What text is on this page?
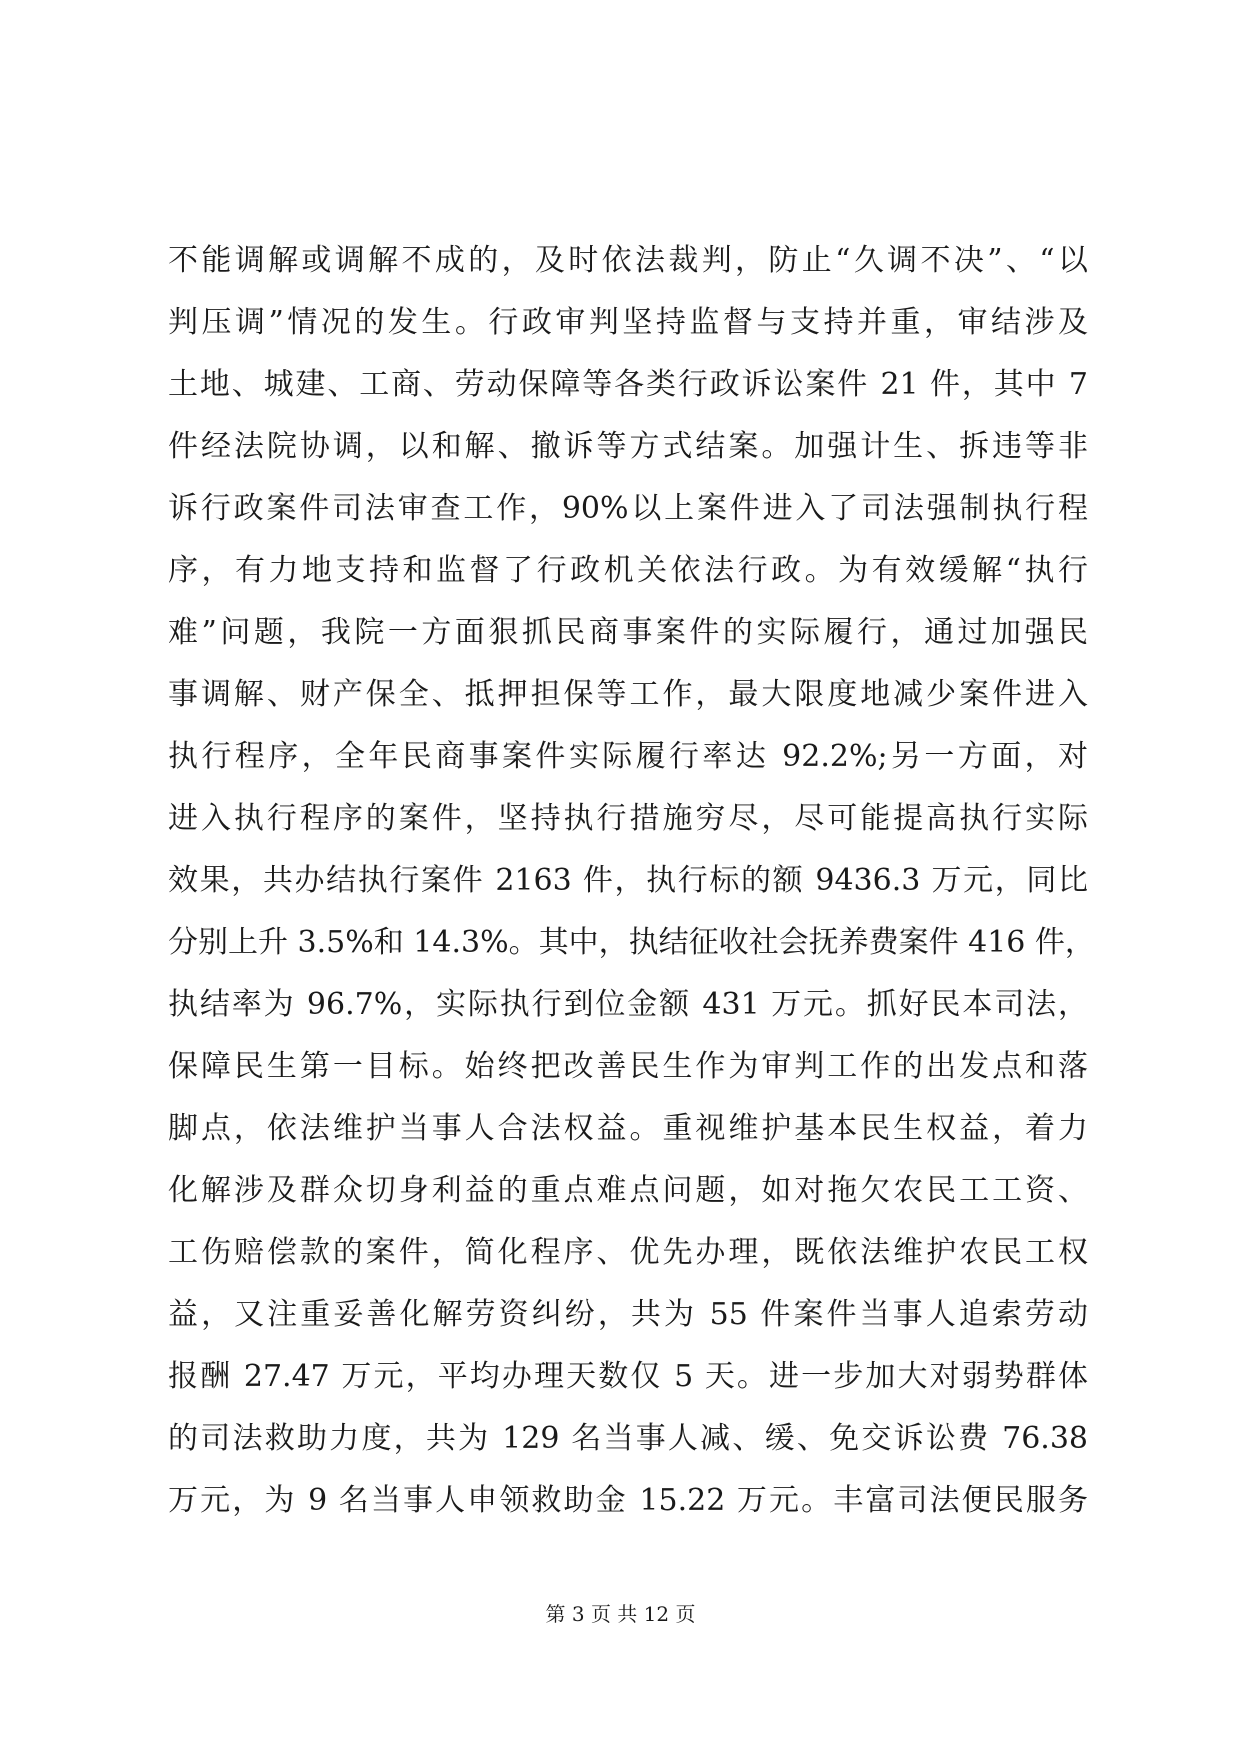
不能调解或调解不成的，及时依法裁判，防止“久调不决”、“以
判压调”情况的发生。行政审判坚持监督与支持并重，审结涉及
土地、城建、工商、劳动保障等各类行政诉讼案件 21 件，其中 7
件经法院协调，以和解、撤诉等方式结案。加强计生、拆违等非
诉行政案件司法审查工作，90%以上案件进入了司法强制执行程
序，有力地支持和监督了行政机关依法行政。为有效缓解“执行
难”问题，我院一方面狠抓民商事案件的实际履行，通过加强民
事调解、财产保全、抵押担保等工作，最大限度地减少案件进入
执行程序，全年民商事案件实际履行率达 92.2%;另一方面，对
进入执行程序的案件，坚持执行措施穷尽，尽可能提高执行实际
效果，共办结执行案件 2163 件，执行标的额 9436.3 万元，同比
分别上升 3.5%和 14.3%。其中，执结征收社会抚养费案件 416 件，
执结率为 96.7%，实际执行到位金额 431 万元。抓好民本司法，
保障民生第一目标。始终把改善民生作为审判工作的出发点和落
脚点，依法维护当事人合法权益。重视维护基本民生权益，着力
化解涉及群众切身利益的重点难点问题，如对拖欠农民工工资、
工伤赔偿款的案件，简化程序、优先办理，既依法维护农民工权
益，又注重妥善化解劳资纠纷，共为 55 件案件当事人追索劳动
报酬 27.47 万元，平均办理天数仅 5 天。进一步加大对弱势群体
的司法救助力度，共为 129 名当事人减、缓、免交诉讼费 76.38
万元，为 9 名当事人申领救助金 15.22 万元。丰富司法便民服务
第 3 页 共 12 页
